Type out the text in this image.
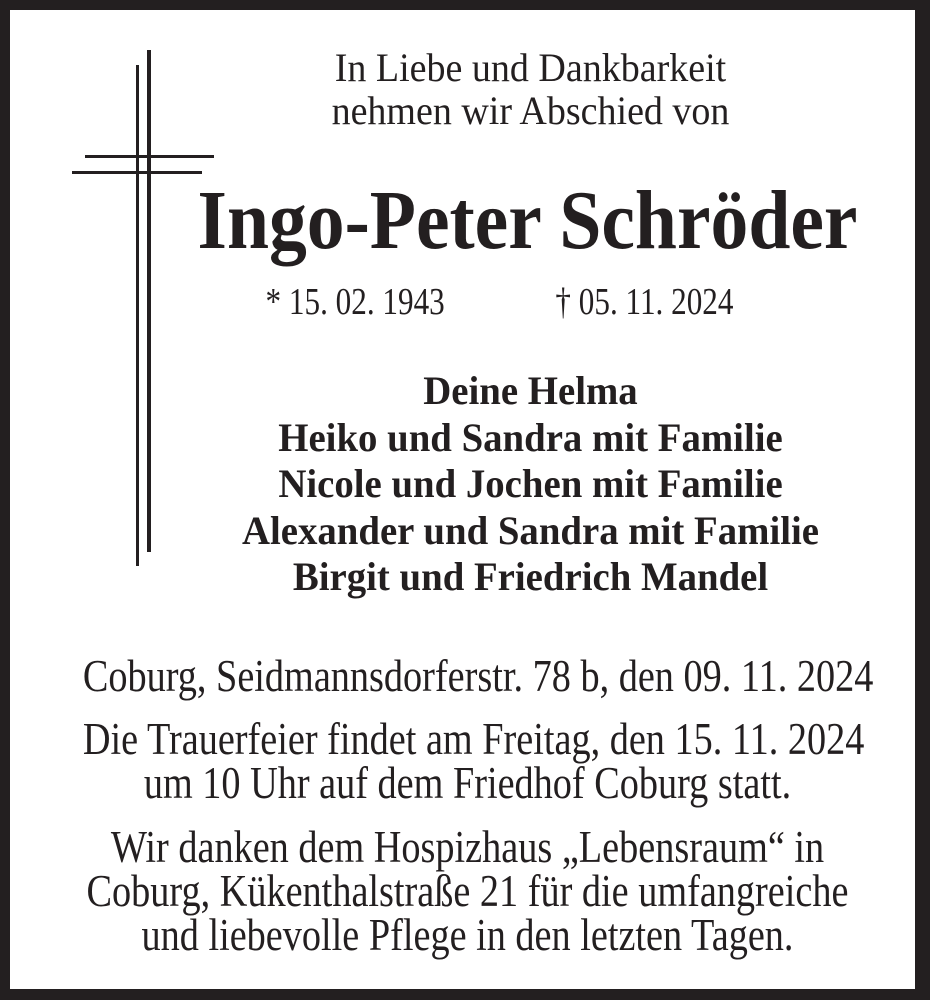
In Liebe und Dankbarkeit
nehmen wir Abschied von
Ingo-Peter Schröder
* 15. 02. 1943	† 05. 11. 2024
Deine Helma
Heiko und Sandra mit Familie
Nicole und Jochen mit Familie
Alexander und Sandra mit Familie
Birgit und Friedrich Mandel
Coburg, Seidmannsdorferstr. 78 b, den 09. 11. 2024
Die Trauerfeier findet am Freitag, den 15. 11. 2024
um 10 Uhr auf dem Friedhof Coburg statt.
Wir danken dem Hospizhaus „Lebensraum“ in
Coburg, Kükenthalstraße 21 für die umfangreiche
und liebevolle Pflege in den letzten Tagen.
